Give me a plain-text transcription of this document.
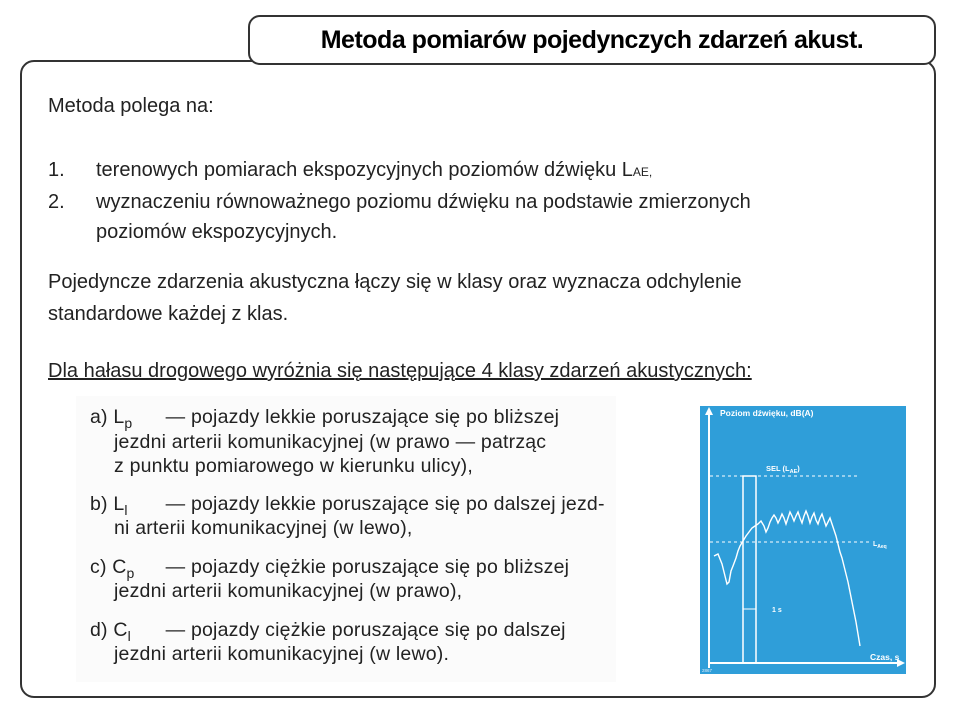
Metoda pomiarów pojedynczych zdarzeń akust.
Metoda polega na:
1. terenowych pomiarach ekspozycyjnych poziomów dźwięku LAE,
2. wyznaczeniu równoważnego poziomu dźwięku na podstawie zmierzonych
poziomów ekspozycyjnych.
Pojedyncze zdarzenia akustyczna łączy się w klasy oraz wyznacza odchylenie
standardowe każdej z klas.
Dla hałasu drogowego wyróżnia się następujące 4 klasy zdarzeń akustycznych:
a) $L_p$ — pojazdy lekkie poruszające się po bliższej
jezdni arterii komunikacyjnej (w prawo — patrząc
z punktu pomiarowego w kierunku ulicy),
b) $L_l$ — pojazdy lekkie poruszające się po dalszej jezd-
ni arterii komunikacyjnej (w lewo),
c) $C_p$ — pojazdy ciężkie poruszające się po bliższej
jezdni arterii komunikacyjnej (w prawo),
d) $C_l$ — pojazdy ciężkie poruszające się po dalszej
jezdni arterii komunikacyjnej (w lewo).
Poziom dźwięku, dB(A)
SEL $(L_{AE})$
$L_{Aeq}$
1 s
Czas, s
2867
